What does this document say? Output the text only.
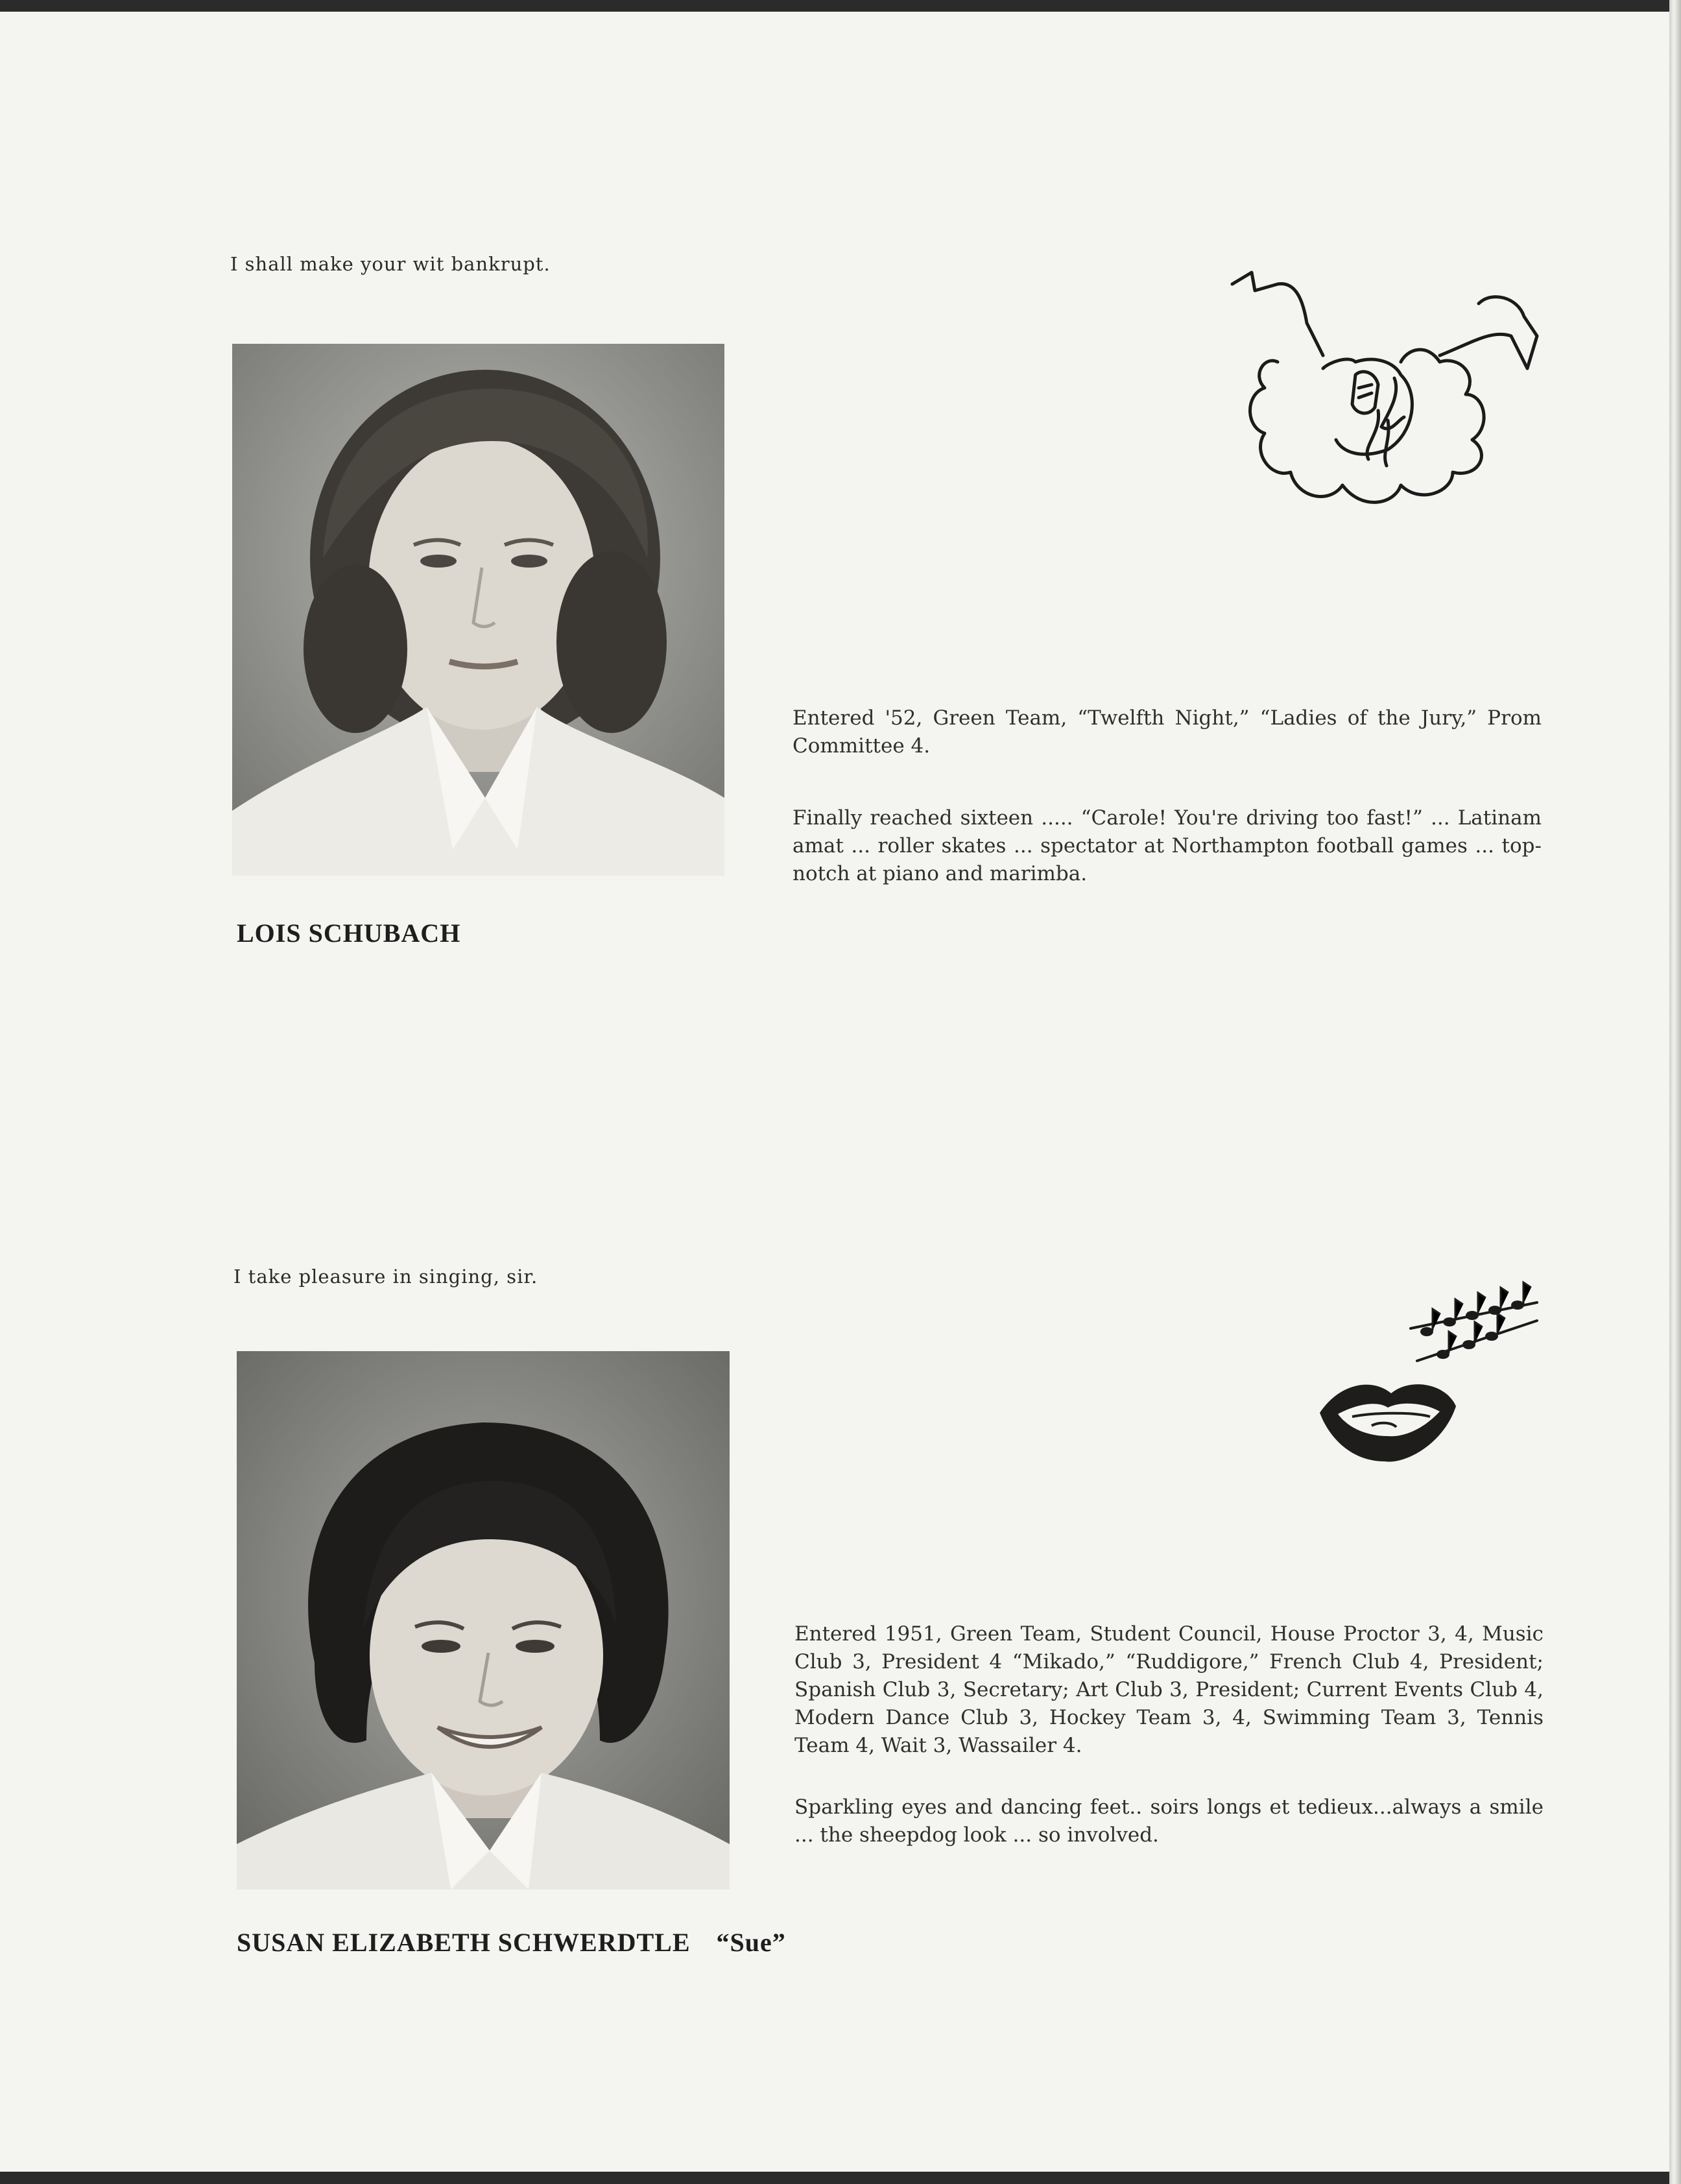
I shall make your wit bankrupt.
LOIS SCHUBACH
Entered '52, Green Team, “Twelfth Night,” “Ladies of the Jury,” Prom Committee 4.
Finally reached sixteen ..... “Carole! You're driving too fast!” ... Latinam amat ... roller skates ... spectator at Northampton football games ... top-notch at piano and marimba.
I take pleasure in singing, sir.
SUSAN ELIZABETH SCHWERDTLE “Sue”
Entered 1951, Green Team, Student Council, House Proctor 3, 4, Music Club 3, President 4 “Mikado,” “Ruddigore,” French Club 4, President; Spanish Club 3, Secretary; Art Club 3, President; Current Events Club 4, Modern Dance Club 3, Hockey Team 3, 4, Swimming Team 3, Tennis Team 4, Wait 3, Wassailer 4.
Sparkling eyes and dancing feet.. soirs longs et tedieux...always a smile ... the sheepdog look ... so involved.
